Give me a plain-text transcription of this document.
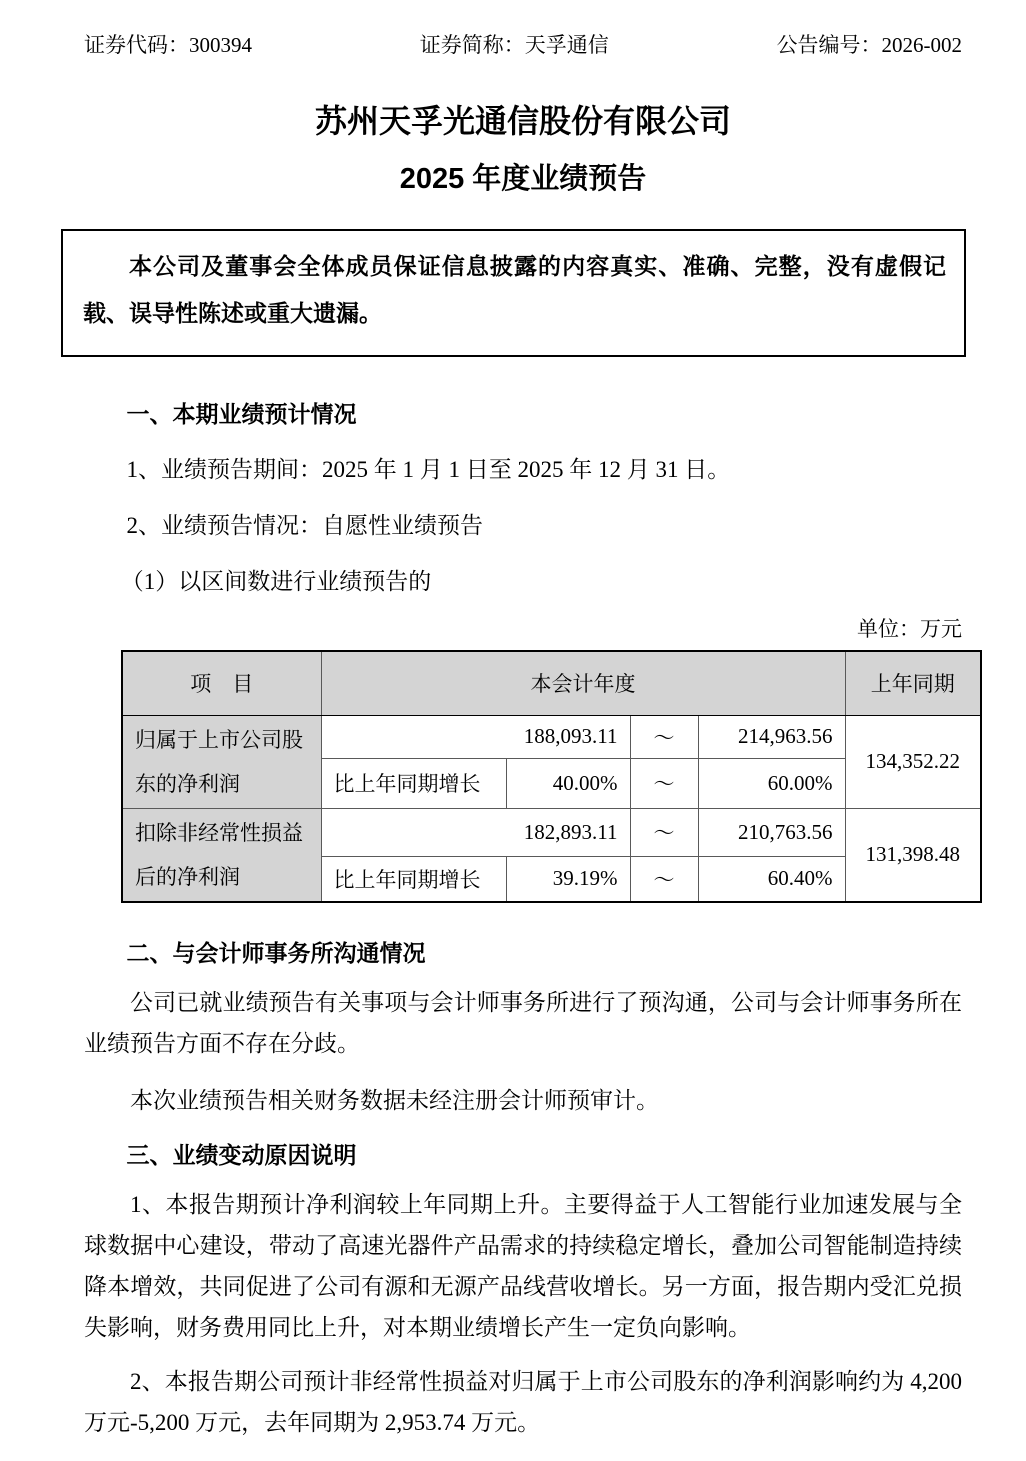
证券代码：300394	证券简称：天孚通信	公告编号：2026-002
苏州天孚光通信股份有限公司
2025 年度业绩预告
本公司及董事会全体成员保证信息披露的内容真实、准确、完整，没有虚假记载、误导性陈述或重大遗漏。
一、本期业绩预计情况
1、业绩预告期间：2025 年 1 月 1 日至 2025 年 12 月 31 日。
2、业绩预告情况：自愿性业绩预告
（1）以区间数进行业绩预告的
单位：万元
项　目	本会计年度				上年同期
归属于上市公司股东的净利润	188,093.11		～	214,963.56	134,352.22
	比上年同期增长	40.00%	～	60.00%	
扣除非经常性损益后的净利润	182,893.11		～	210,763.56	131,398.48
	比上年同期增长	39.19%	～	60.40%	
二、与会计师事务所沟通情况
公司已就业绩预告有关事项与会计师事务所进行了预沟通，公司与会计师事务所在业绩预告方面不存在分歧。
本次业绩预告相关财务数据未经注册会计师预审计。
三、业绩变动原因说明
1、本报告期预计净利润较上年同期上升。主要得益于人工智能行业加速发展与全球数据中心建设，带动了高速光器件产品需求的持续稳定增长，叠加公司智能制造持续降本增效，共同促进了公司有源和无源产品线营收增长。另一方面，报告期内受汇兑损失影响，财务费用同比上升，对本期业绩增长产生一定负向影响。
2、本报告期公司预计非经常性损益对归属于上市公司股东的净利润影响约为 4,200 万元-5,200 万元，去年同期为 2,953.74 万元。
